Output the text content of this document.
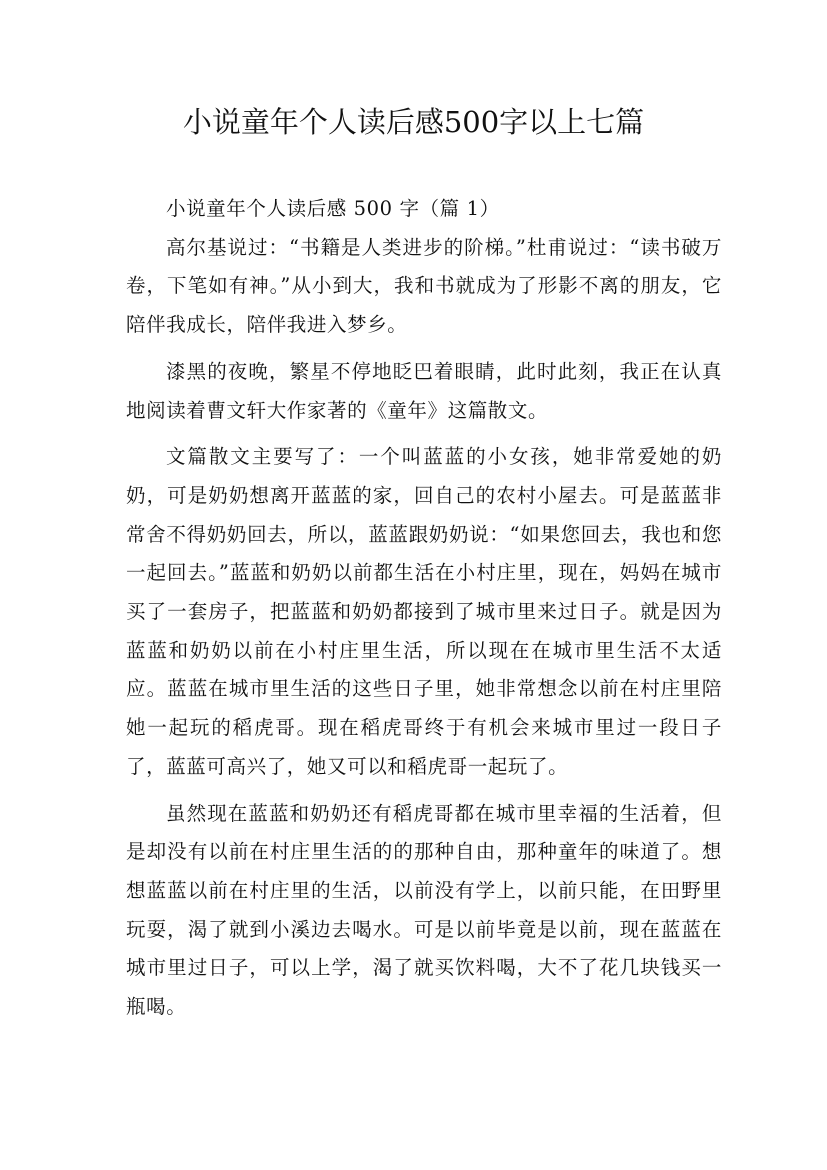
小说童年个人读后感500字以上七篇

小说童年个人读后感 500 字（篇 1）

高尔基说过：“书籍是人类进步的阶梯。”杜甫说过：“读书破万卷，下笔如有神。”从小到大，我和书就成为了形影不离的朋友，它陪伴我成长，陪伴我进入梦乡。

漆黑的夜晚，繁星不停地眨巴着眼睛，此时此刻，我正在认真地阅读着曹文轩大作家著的《童年》这篇散文。

文篇散文主要写了：一个叫蓝蓝的小女孩，她非常爱她的奶奶，可是奶奶想离开蓝蓝的家，回自己的农村小屋去。可是蓝蓝非常舍不得奶奶回去，所以，蓝蓝跟奶奶说：“如果您回去，我也和您一起回去。”蓝蓝和奶奶以前都生活在小村庄里，现在，妈妈在城市买了一套房子，把蓝蓝和奶奶都接到了城市里来过日子。就是因为蓝蓝和奶奶以前在小村庄里生活，所以现在在城市里生活不太适应。蓝蓝在城市里生活的这些日子里，她非常想念以前在村庄里陪她一起玩的稻虎哥。现在稻虎哥终于有机会来城市里过一段日子了，蓝蓝可高兴了，她又可以和稻虎哥一起玩了。

虽然现在蓝蓝和奶奶还有稻虎哥都在城市里幸福的生活着，但是却没有以前在村庄里生活的的那种自由，那种童年的味道了。想想蓝蓝以前在村庄里的生活，以前没有学上，以前只能，在田野里玩耍，渴了就到小溪边去喝水。可是以前毕竟是以前，现在蓝蓝在城市里过日子，可以上学，渴了就买饮料喝，大不了花几块钱买一瓶喝。
